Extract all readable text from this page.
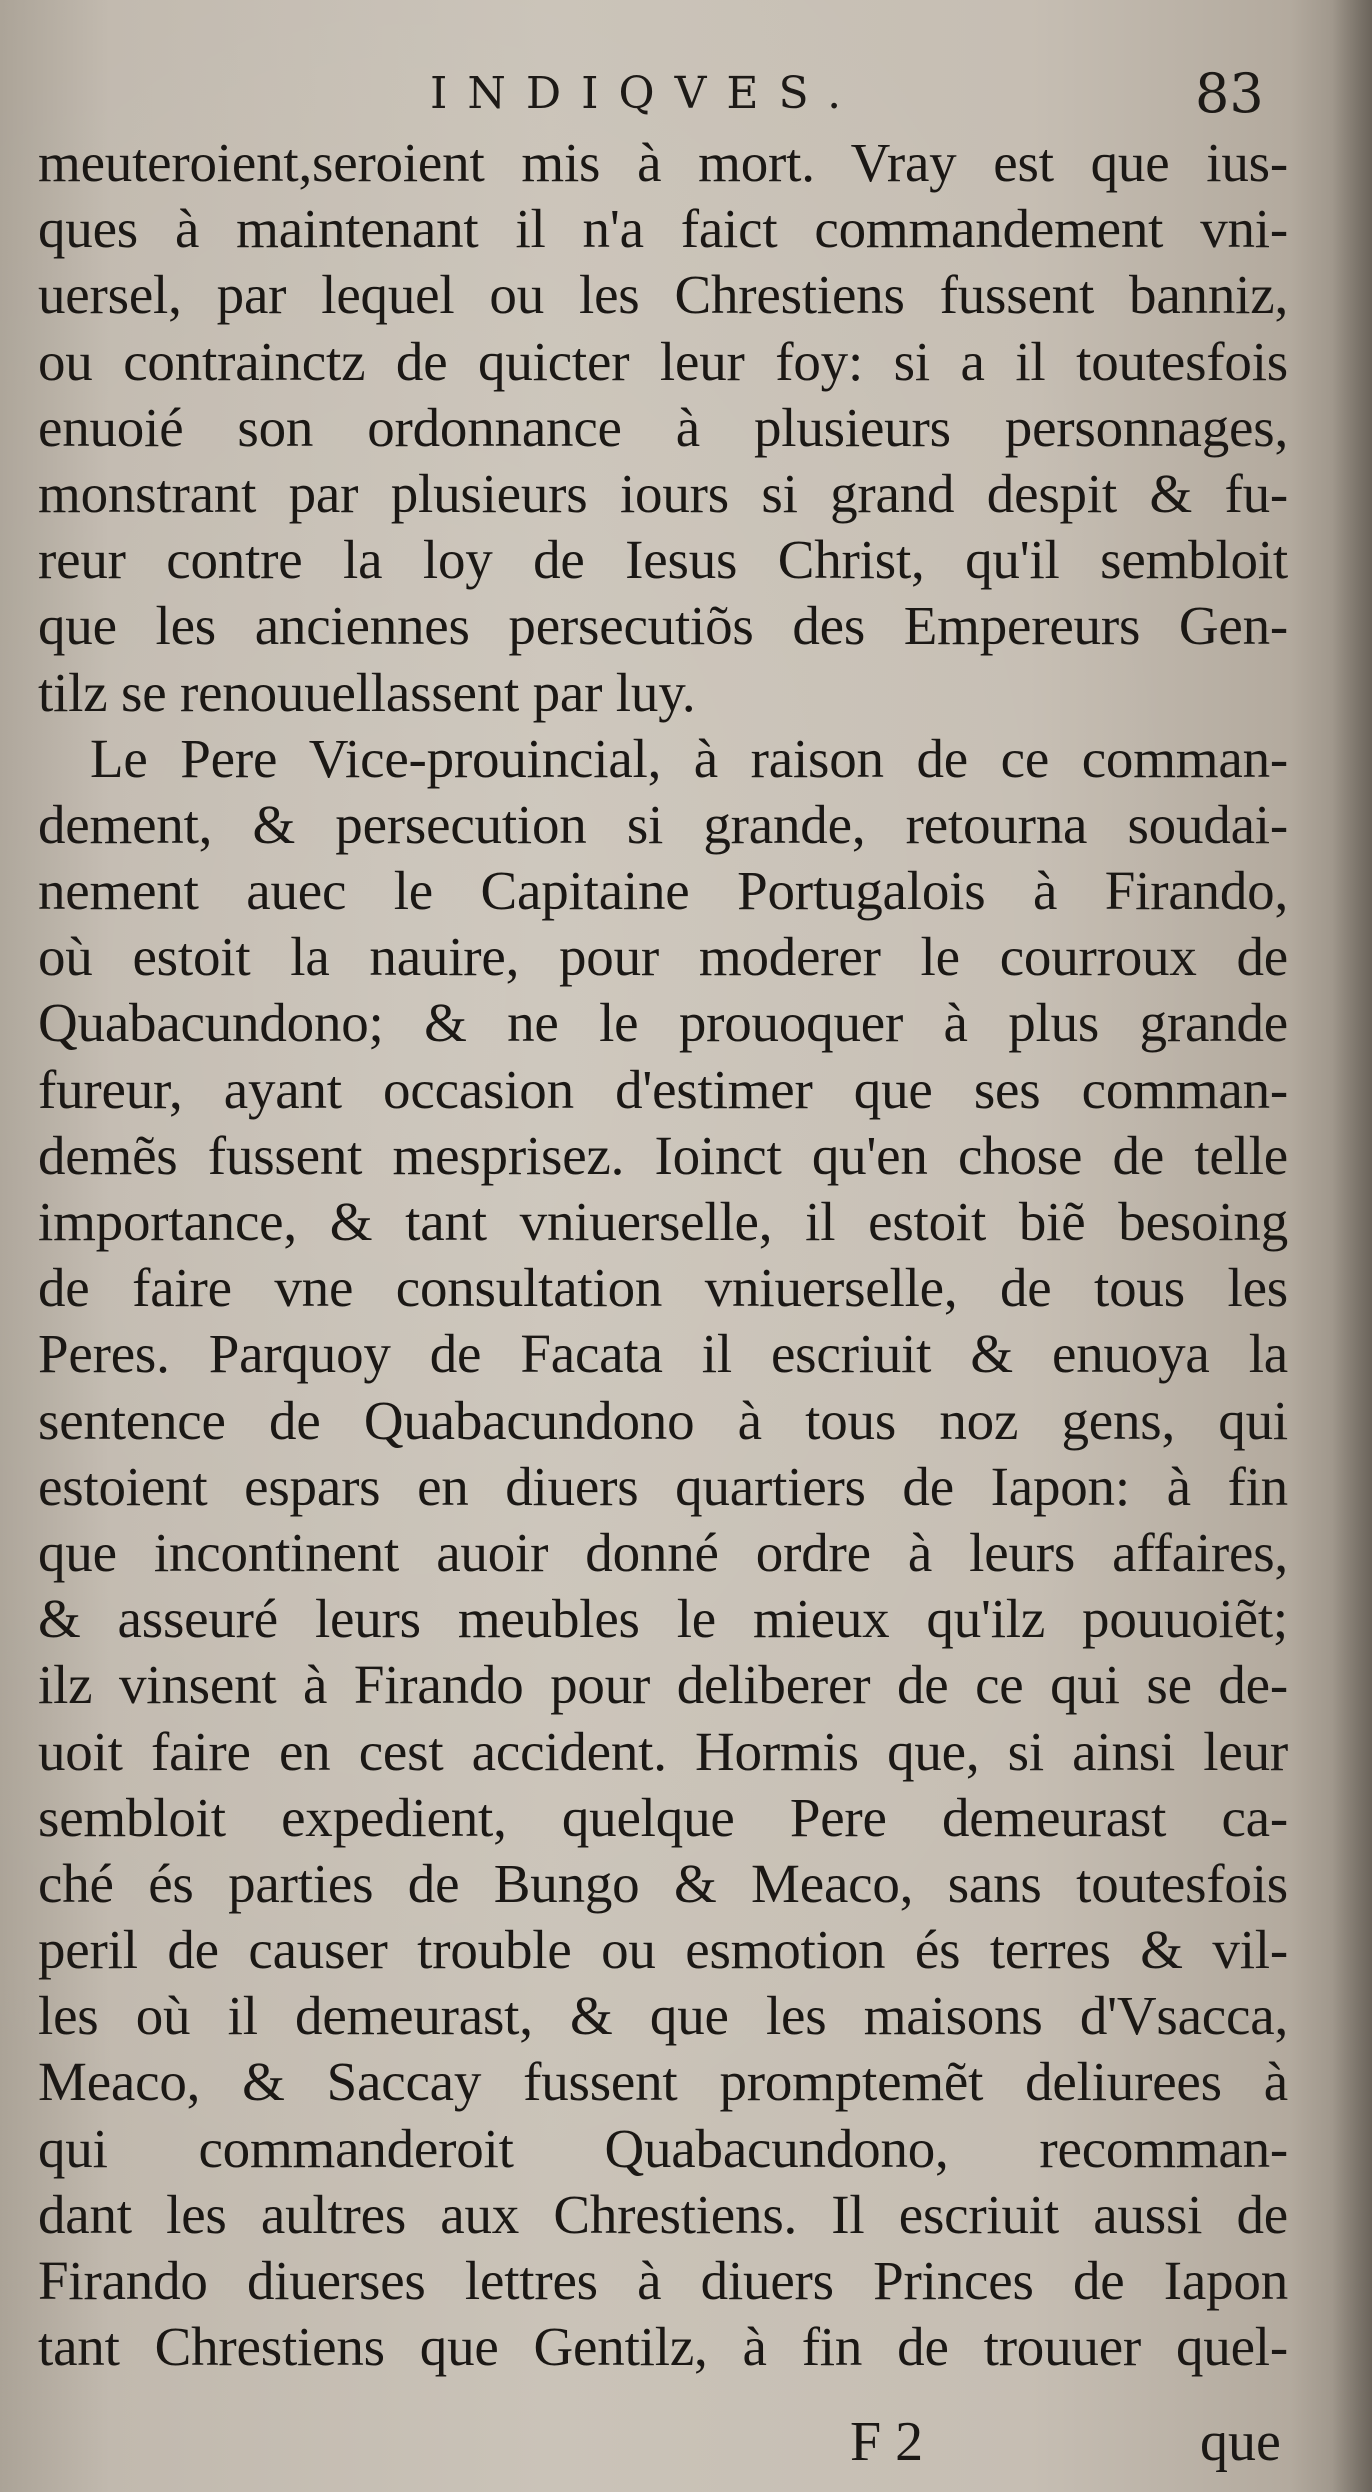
INDIQVES.	83
meuteroient,seroient mis à mort. Vray est que ius-
ques à maintenant il n'a faict commandement vni-
uersel, par lequel ou les Chrestiens fussent banniz,
ou contrainctz de quicter leur foy: si a il toutesfois
enuoié son ordonnance à plusieurs personnages,
monstrant par plusieurs iours si grand despit & fu-
reur contre la loy de Iesus Christ, qu'il sembloit
que les anciennes persecutiõs des Empereurs Gen-
tilz se renouuellassent par luy.
Le Pere Vice-prouincial, à raison de ce comman-
dement, & persecution si grande, retourna soudai-
nement auec le Capitaine Portugalois à Firando,
où estoit la nauire, pour moderer le courroux de
Quabacundono; & ne le prouoquer à plus grande
fureur, ayant occasion d'estimer que ses comman-
demẽs fussent mesprisez. Ioinct qu'en chose de telle
importance, & tant vniuerselle, il estoit biẽ besoing
de faire vne consultation vniuerselle, de tous les
Peres. Parquoy de Facata il escriuit & enuoya la
sentence de Quabacundono à tous noz gens, qui
estoient espars en diuers quartiers de Iapon: à fin
que incontinent auoir donné ordre à leurs affaires,
& asseuré leurs meubles le mieux qu'ilz pouuoiẽt;
ilz vinsent à Firando pour deliberer de ce qui se de-
uoit faire en cest accident. Hormis que, si ainsi leur
sembloit expedient, quelque Pere demeurast ca-
ché és parties de Bungo & Meaco, sans toutesfois
peril de causer trouble ou esmotion és terres & vil-
les où il demeurast, & que les maisons d'Vsacca,
Meaco, & Saccay fussent promptemẽt deliurees à
qui commanderoit Quabacundono, recomman-
dant les aultres aux Chrestiens. Il escriuit aussi de
Firando diuerses lettres à diuers Princes de Iapon
tant Chrestiens que Gentilz, à fin de trouuer quel-
F 2	que
